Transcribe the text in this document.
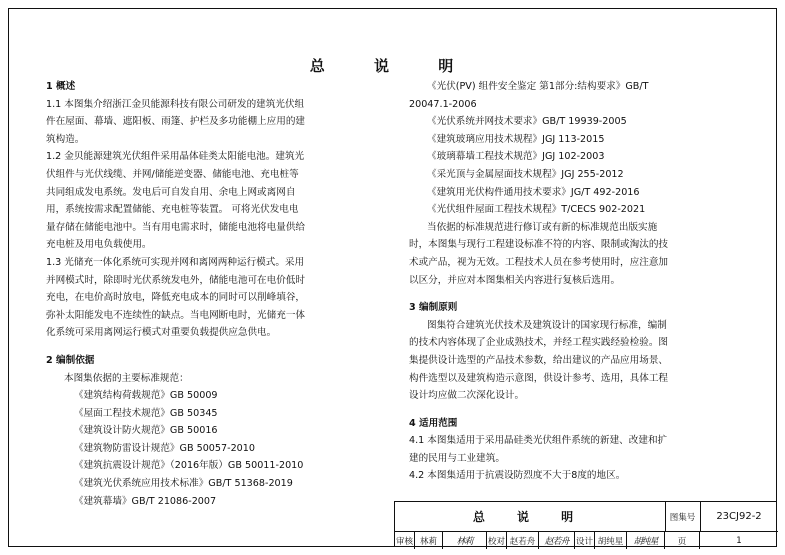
总 说 明
1 概述
1.1 本图集介绍浙江金贝能源科技有限公司研发的建筑光伏组
件在屋面、幕墙、遮阳板、雨篷、护栏及多功能棚上应用的建
筑构造。
1.2 金贝能源建筑光伏组件采用晶体硅类太阳能电池。建筑光
伏组件与光伏线缆、并网/储能逆变器、储能电池、充电桩等
共同组成发电系统。发电后可自发自用、余电上网或离网自
用，系统按需求配置储能、充电桩等装置。 可将光伏发电电
量存储在储能电池中。当有用电需求时，储能电池将电量供给
充电桩及用电负载使用。
1.3 光储充一体化系统可实现并网和离网两种运行模式。采用
并网模式时，除即时光伏系统发电外，储能电池可在电价低时
充电，在电价高时放电，降低充电成本的同时可以削峰填谷，
弥补太阳能发电不连续性的缺点。当电网断电时，光储充一体
化系统可采用离网运行模式对重要负载提供应急供电。
2 编制依据
本图集依据的主要标准规范：
《建筑结构荷载规范》GB 50009
《屋面工程技术规范》GB 50345
《建筑设计防火规范》GB 50016
《建筑物防雷设计规范》GB 50057-2010
《建筑抗震设计规范》（2016年版）GB 50011-2010
《建筑光伏系统应用技术标准》GB/T 51368-2019
《建筑幕墙》GB/T 21086-2007
《光伏(PV) 组件安全鉴定 第1部分:结构要求》GB/T
20047.1-2006
《光伏系统并网技术要求》GB/T 19939-2005
《建筑玻璃应用技术规程》JGJ 113-2015
《玻璃幕墙工程技术规范》JGJ 102-2003
《采光顶与金属屋面技术规程》JGJ 255-2012
《建筑用光伏构件通用技术要求》JG/T 492-2016
《光伏组件屋面工程技术规程》T/CECS 902-2021
当依据的标准规范进行修订或有新的标准规范出版实施
时，本图集与现行工程建设标准不符的内容、限制或淘汰的技
术或产品，视为无效。工程技术人员在参考使用时，应注意加
以区分，并应对本图集相关内容进行复核后选用。
3 编制原则
图集符合建筑光伏技术及建筑设计的国家现行标准，编制
的技术内容体现了企业成熟技术，并经工程实践经验检验。图
集提供设计选型的产品技术参数，给出建议的产品应用场景、
构件选型以及建筑构造示意图，供设计参考、选用，具体工程
设计均应做二次深化设计。
4 适用范围
4.1 本图集适用于采用晶硅类光伏组件系统的新建、改建和扩
建的民用与工业建筑。
4.2 本图集适用于抗震设防烈度不大于8度的地区。
总 说 明	图集号	23CJ92-2
审核 林莉	林莉	校对 赵若舟	赵若舟 设计 胡纯星	胡纯星	页	1
